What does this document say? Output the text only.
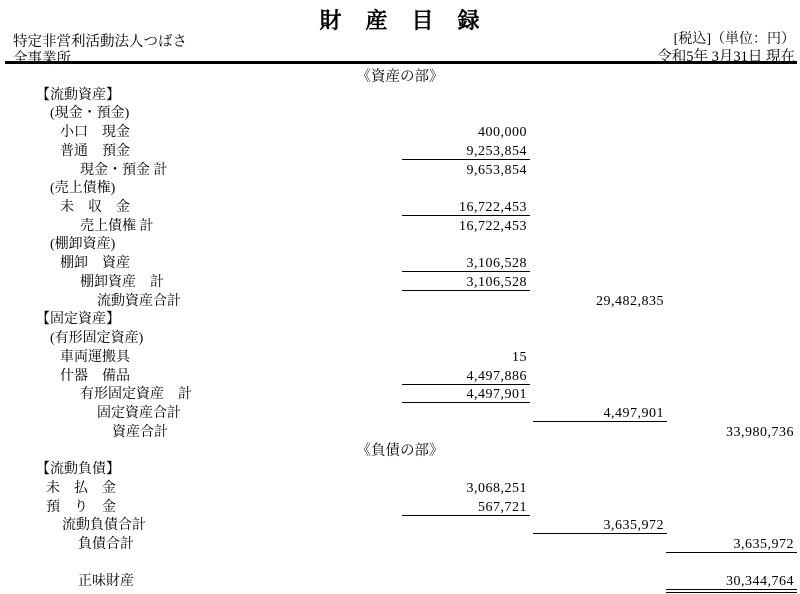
財　産　目　録
特定非営利活動法人つばさ
全事業所
[税込]（単位：円）
令和5年 3月31日 現在
《資産の部》
【流動資産】
(現金・預金)
小口　現金	400,000
普通　預金	9,253,854
現金・預金 計	9,653,854
(売上債権)
未　収　金	16,722,453
売上債権 計	16,722,453
(棚卸資産)
棚卸　資産	3,106,528
棚卸資産　計	3,106,528
流動資産合計	29,482,835
【固定資産】
(有形固定資産)
車両運搬具	15
什器　備品	4,497,886
有形固定資産　計	4,497,901
固定資産合計	4,497,901
資産合計	33,980,736
《負債の部》
【流動負債】
未　払　金	3,068,251
預　り　金	567,721
流動負債合計	3,635,972
負債合計	3,635,972
正味財産	30,344,764
